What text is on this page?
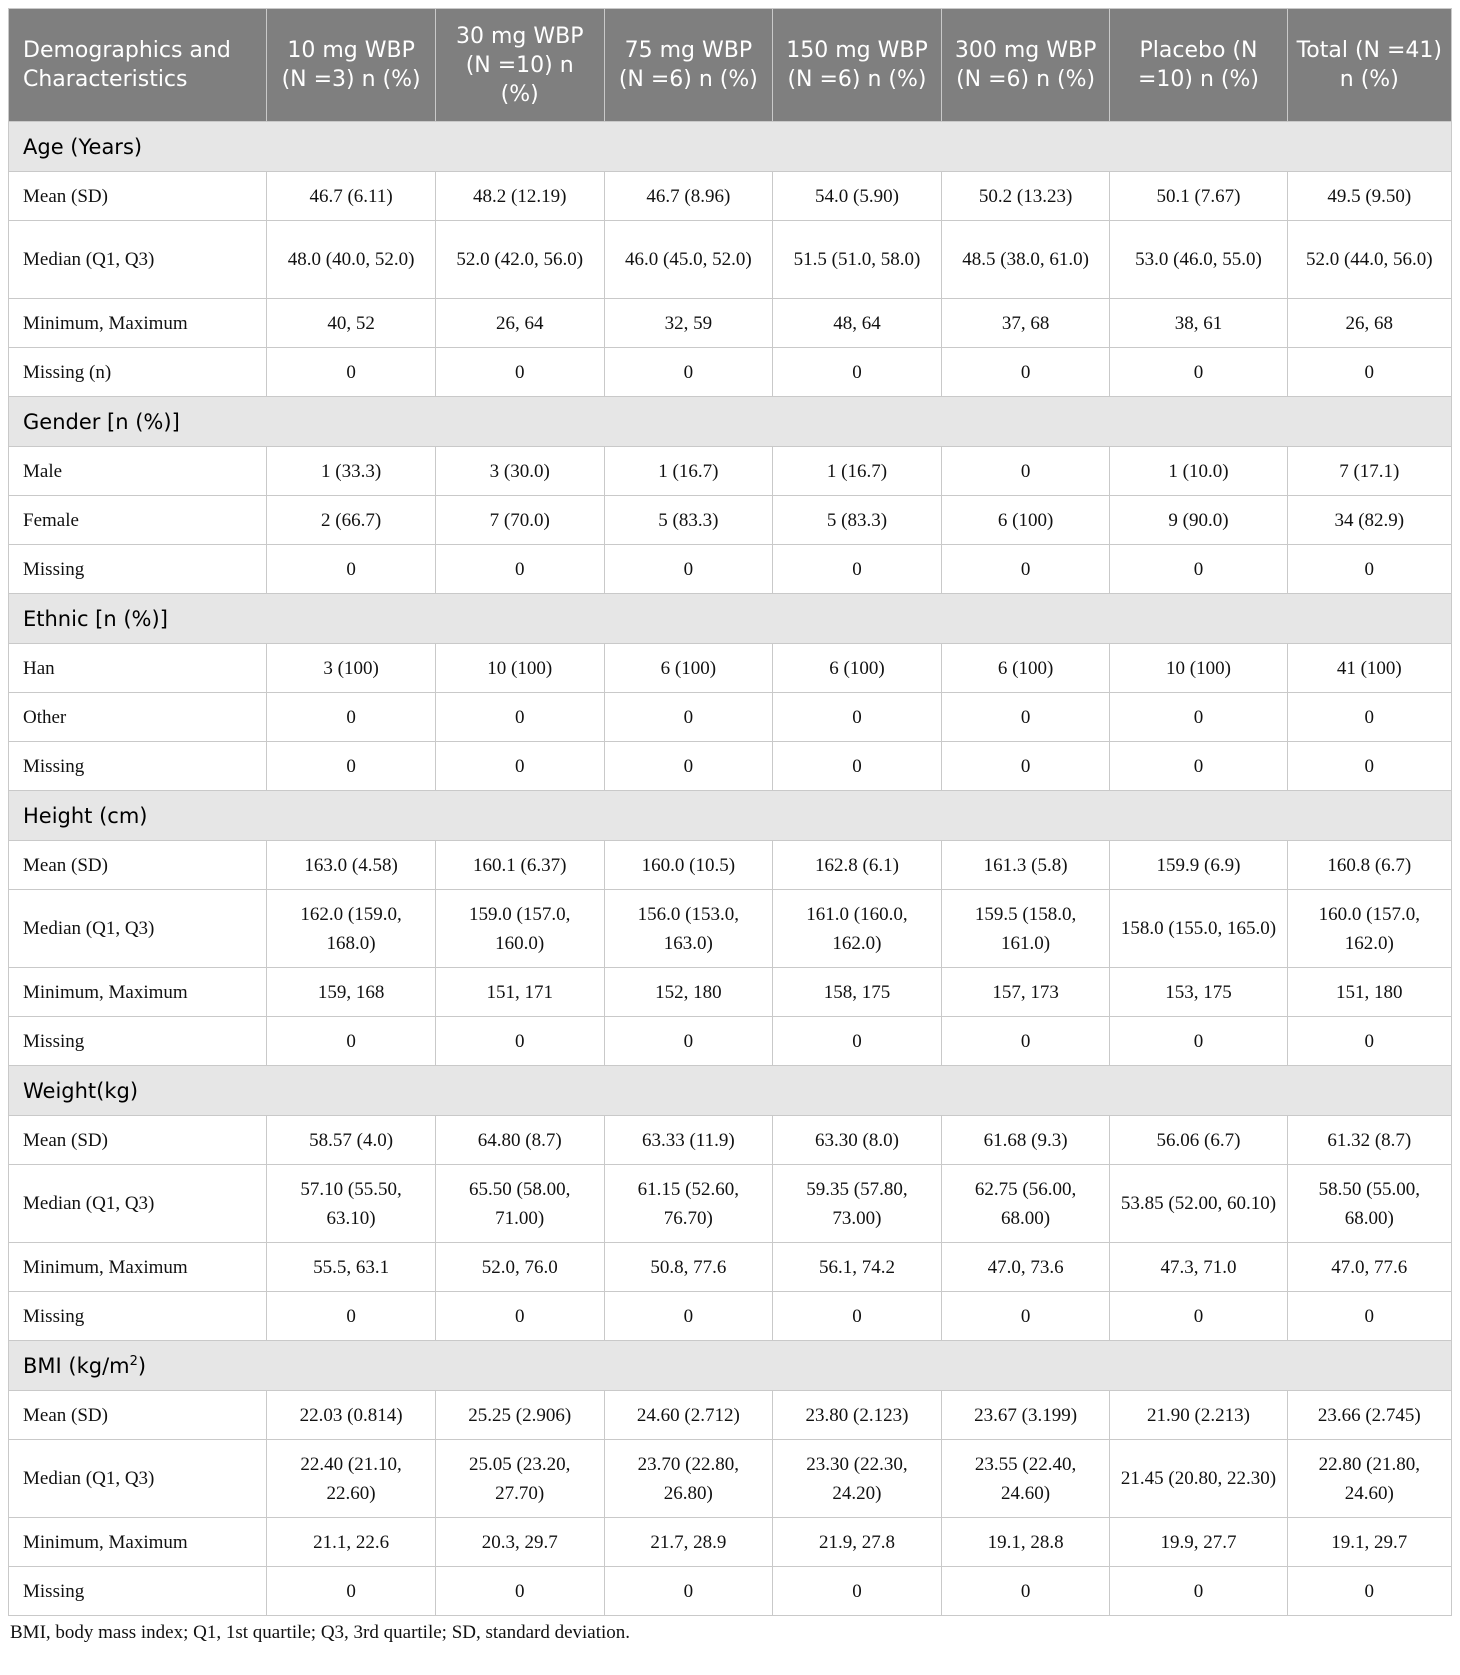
Demographics and Characteristics	10 mg WBP (N =3) n (%)	30 mg WBP (N =10) n (%)	75 mg WBP (N =6) n (%)	150 mg WBP (N =6) n (%)	300 mg WBP (N =6) n (%)	Placebo (N =10) n (%)	Total (N =41) n (%)
Age (Years)							
Mean (SD)	46.7 (6.11)	48.2 (12.19)	46.7 (8.96)	54.0 (5.90)	50.2 (13.23)	50.1 (7.67)	49.5 (9.50)
Median (Q1, Q3)	48.0 (40.0, 52.0)	52.0 (42.0, 56.0)	46.0 (45.0, 52.0)	51.5 (51.0, 58.0)	48.5 (38.0, 61.0)	53.0 (46.0, 55.0)	52.0 (44.0, 56.0)
Minimum, Maximum	40, 52	26, 64	32, 59	48, 64	37, 68	38, 61	26, 68
Missing (n)	0	0	0	0	0	0	0
Gender [n (%)]							
Male	1 (33.3)	3 (30.0)	1 (16.7)	1 (16.7)	0	1 (10.0)	7 (17.1)
Female	2 (66.7)	7 (70.0)	5 (83.3)	5 (83.3)	6 (100)	9 (90.0)	34 (82.9)
Missing	0	0	0	0	0	0	0
Ethnic [n (%)]							
Han	3 (100)	10 (100)	6 (100)	6 (100)	6 (100)	10 (100)	41 (100)
Other	0	0	0	0	0	0	0
Missing	0	0	0	0	0	0	0
Height (cm)							
Mean (SD)	163.0 (4.58)	160.1 (6.37)	160.0 (10.5)	162.8 (6.1)	161.3 (5.8)	159.9 (6.9)	160.8 (6.7)
Median (Q1, Q3)	162.0 (159.0, 168.0)	159.0 (157.0, 160.0)	156.0 (153.0, 163.0)	161.0 (160.0, 162.0)	159.5 (158.0, 161.0)	158.0 (155.0, 165.0)	160.0 (157.0, 162.0)
Minimum, Maximum	159, 168	151, 171	152, 180	158, 175	157, 173	153, 175	151, 180
Missing	0	0	0	0	0	0	0
Weight(kg)							
Mean (SD)	58.57 (4.0)	64.80 (8.7)	63.33 (11.9)	63.30 (8.0)	61.68 (9.3)	56.06 (6.7)	61.32 (8.7)
Median (Q1, Q3)	57.10 (55.50, 63.10)	65.50 (58.00, 71.00)	61.15 (52.60, 76.70)	59.35 (57.80, 73.00)	62.75 (56.00, 68.00)	53.85 (52.00, 60.10)	58.50 (55.00, 68.00)
Minimum, Maximum	55.5, 63.1	52.0, 76.0	50.8, 77.6	56.1, 74.2	47.0, 73.6	47.3, 71.0	47.0, 77.6
Missing	0	0	0	0	0	0	0
BMI $(kg/m^2)$							
Mean (SD)	22.03 (0.814)	25.25 (2.906)	24.60 (2.712)	23.80 (2.123)	23.67 (3.199)	21.90 (2.213)	23.66 (2.745)
Median (Q1, Q3)	22.40 (21.10, 22.60)	25.05 (23.20, 27.70)	23.70 (22.80, 26.80)	23.30 (22.30, 24.20)	23.55 (22.40, 24.60)	21.45 (20.80, 22.30)	22.80 (21.80, 24.60)
Minimum, Maximum	21.1, 22.6	20.3, 29.7	21.7, 28.9	21.9, 27.8	19.1, 28.8	19.9, 27.7	19.1, 29.7
Missing	0	0	0	0	0	0	0
BMI, body mass index; Q1, 1st quartile; Q3, 3rd quartile; SD, standard deviation.
